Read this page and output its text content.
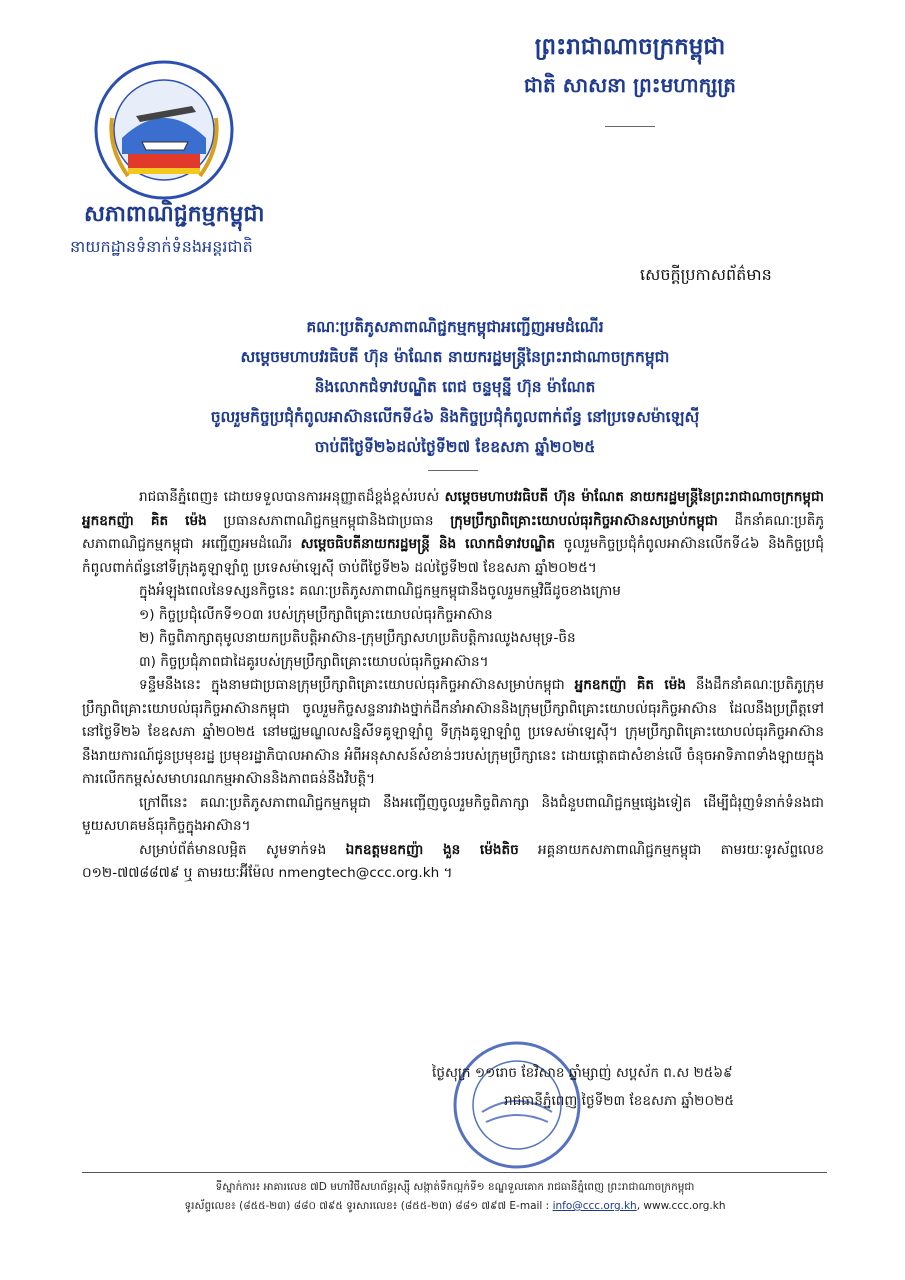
ព្រះរាជាណាចក្រកម្ពុជា
ជាតិ សាសនា ព្រះមហាក្សត្រ
សភាពាណិជ្ជកម្មកម្ពុជា
នាយកដ្ឋានទំនាក់ទំនងអន្តរជាតិ
សេចក្តីប្រកាសព័ត៌មាន
គណៈប្រតិភូសភាពាណិជ្ជកម្មកម្ពុជាអញ្ជើញអមដំណើរ
សម្តេចមហាបវរធិបតី ហ៊ុន ម៉ាណែត នាយករដ្ឋមន្ត្រីនៃព្រះរាជាណាចក្រកម្ពុជា
និងលោកជំទាវបណ្ឌិត ពេជ ចន្ទមុន្នី ហ៊ុន ម៉ាណែត
ចូលរួមកិច្ចប្រជុំកំពូលអាស៊ានលើកទី៤៦ និងកិច្ចប្រជុំកំពូលពាក់ព័ន្ធ នៅប្រទេសម៉ាឡេស៊ី
ចាប់ពីថ្ងៃទី២៦ដល់ថ្ងៃទី២៧ ខែឧសភា ឆ្នាំ២០២៥

រាជធានីភ្នំពេញ៖ ដោយទទួលបានការអនុញ្ញាតដ៏ខ្ពង់ខ្ពស់របស់ សម្តេចមហាបវរធិបតី ហ៊ុន ម៉ាណែត នាយករដ្ឋមន្ត្រីនៃព្រះរាជាណាចក្រកម្ពុជា អ្នកឧកញ៉ា គិត ម៉េង ប្រធានសភាពាណិជ្ជកម្មកម្ពុជានិងជាប្រធាន ក្រុមប្រឹក្សាពិគ្រោះយោបល់ធុរកិច្ចអាស៊ានសម្រាប់កម្ពុជា ដឹកនាំគណៈប្រតិភូសភាពាណិជ្ជកម្មកម្ពុជា អញ្ជើញអមដំណើរ សម្តេចធិបតីនាយករដ្ឋមន្ត្រី និង លោកជំទាវបណ្ឌិត ចូលរួមកិច្ចប្រជុំកំពូលអាស៊ានលើកទី៤៦ និងកិច្ចប្រជុំកំពូលពាក់ព័ន្ធនៅទីក្រុងគូឡាឡាំពួ ប្រទេសម៉ាឡេស៊ី ចាប់ពីថ្ងៃទី២៦ ដល់ថ្ងៃទី២៧ ខែឧសភា ឆ្នាំ២០២៥។

ក្នុងអំឡុងពេលនៃទស្សនកិច្ចនេះ គណៈប្រតិភូសភាពាណិជ្ជកម្មកម្ពុជានឹងចូលរួមកម្មវិធីដូចខាងក្រោម

១) កិច្ចប្រជុំលើកទី១០៣ របស់ក្រុមប្រឹក្សាពិគ្រោះយោបល់ធុរកិច្ចអាស៊ាន

២) កិច្ចពិភាក្សាតុមូលនាយកប្រតិបត្តិអាស៊ាន-ក្រុមប្រឹក្សាសហប្រតិបត្តិការឈូងសមុទ្រ-ចិន

៣) កិច្ចប្រជុំភាពជាដៃគូរបស់ក្រុមប្រឹក្សាពិគ្រោះយោបល់ធុរកិច្ចអាស៊ាន។

ទន្ទឹមនឹងនេះ ក្នុងនាមជាប្រធានក្រុមប្រឹក្សាពិគ្រោះយោបល់ធុរកិច្ចអាស៊ានសម្រាប់កម្ពុជា អ្នកឧកញ៉ា គិត ម៉េង នឹងដឹកនាំគណៈប្រតិភូក្រុមប្រឹក្សាពិគ្រោះយោបល់ធុរកិច្ចអាស៊ានកម្ពុជា ចូលរួមកិច្ចសន្ទនារវាងថ្នាក់ដឹកនាំអាស៊ាននិងក្រុមប្រឹក្សាពិគ្រោះយោបល់ធុរកិច្ចអាស៊ាន ដែលនឹងប្រព្រឹត្តទៅនៅថ្ងៃទី២៦ ខែឧសភា ឆ្នាំ២០២៥ នៅមជ្ឈមណ្ឌលសន្និសីទគូឡាឡាំពួ ទីក្រុងគូឡាឡាំពួ ប្រទេសម៉ាឡេស៊ី។ ក្រុមប្រឹក្សាពិគ្រោះយោបល់ធុរកិច្ចអាស៊ាន នឹងរាយការណ៍ជូនប្រមុខរដ្ឋ ប្រមុខរដ្ឋាភិបាលអាស៊ាន អំពីអនុសាសន៍សំខាន់ៗរបស់ក្រុមប្រឹក្សានេះ ដោយផ្តោតជាសំខាន់លើ ចំនុចអាទិភាពទាំងឡាយក្នុងការលើកកម្ពស់សមាហរណកម្មអាស៊ាននិងភាពធន់នឹងវិបត្តិ។

ក្រៅពីនេះ គណៈប្រតិភូសភាពាណិជ្ជកម្មកម្ពុជា នឹងអញ្ជើញចូលរួមកិច្ចពិភាក្សា និងជំនួបពាណិជ្ជកម្មផ្សេងទៀត ដើម្បីជំរុញទំនាក់ទំនងជាមួយសហគមន៍ធុរកិច្ចក្នុងអាស៊ាន។

សម្រាប់ព័ត៌មានលម្អិត សូមទាក់ទង ឯកឧត្តមឧកញ៉ា ងួន ម៉េងតិច អគ្គនាយកសភាពាណិជ្ជកម្មកម្ពុជា តាមរយៈទូរស័ព្ទលេខ ០១២-៧៧៨៨៧៩ ឬ តាមរយៈអ៊ីម៉ែល nmengtech@ccc.org.kh ។

ថ្ងៃសុក្រ ១១រោច ខែវិសាខ ឆ្នាំម្សាញ់ សប្តស័ក ព.ស ២៥៦៩
រាជធានីភ្នំពេញ ថ្ងៃទី២៣ ខែឧសភា ឆ្នាំ២០២៥
ទីស្នាក់ការ៖ អាគារលេខ ៧D មហាវិថីសហព័ន្ធរុស្ស៊ី សង្កាត់ទឹកល្អក់ទី១ ខណ្ឌទួលគោក រាជធានីភ្នំពេញ ព្រះរាជាណាចក្រកម្ពុជា
ទូរស័ព្ទលេខ៖ (៨៥៥-២៣) ៨៨០ ៧៩៥ ទូរសារលេខ៖ (៨៥៥-២៣) ៨៨១ ៧៩៧ E-mail : info@ccc.org.kh, www.ccc.org.kh
